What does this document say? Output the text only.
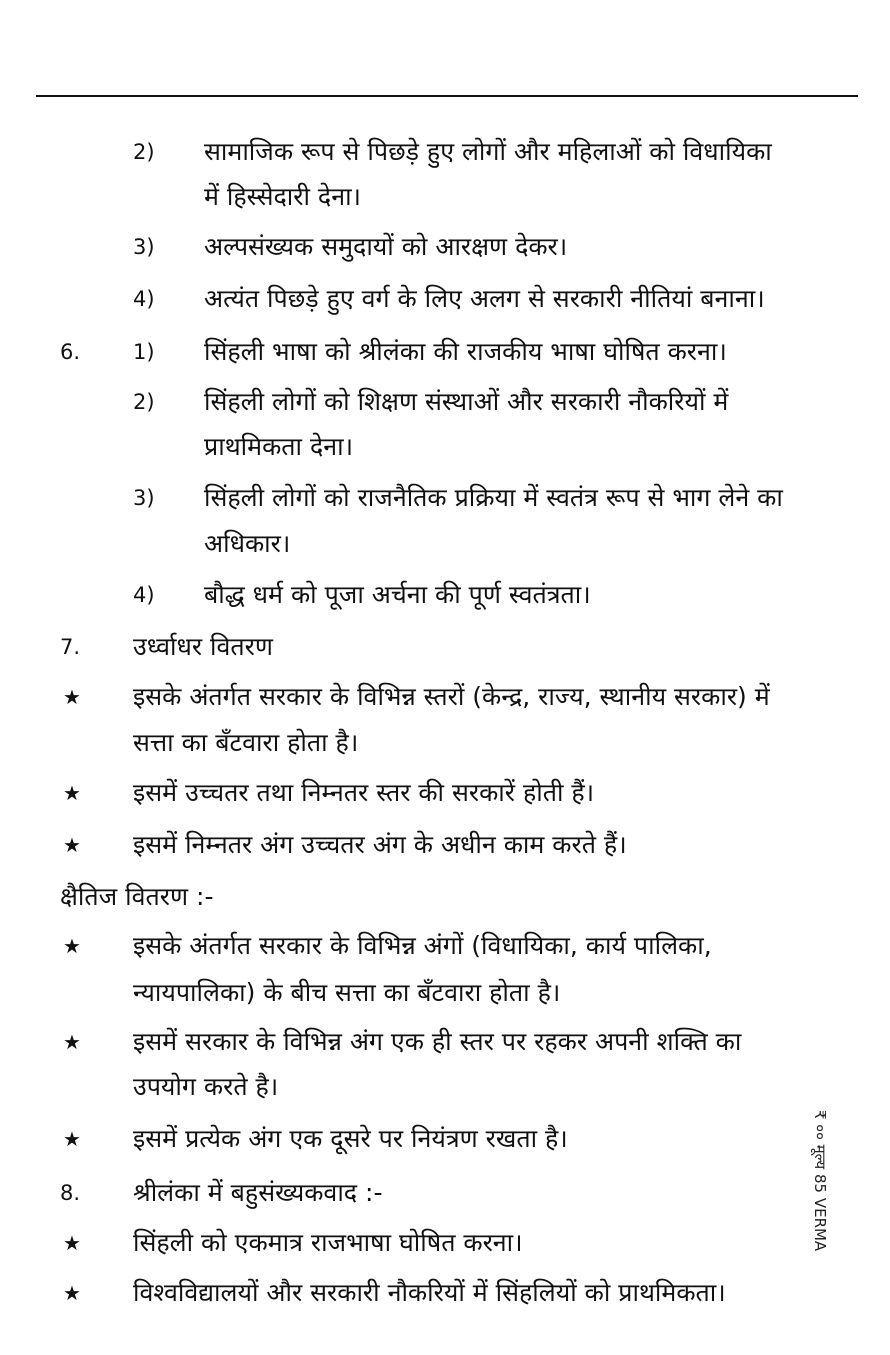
2) सामाजिक रूप से पिछड़े हुए लोगों और महिलाओं को विधायिका
में हिस्सेदारी देना।
3) अल्पसंख्यक समुदायों को आरक्षण देकर।
4) अत्यंत पिछड़े हुए वर्ग के लिए अलग से सरकारी नीतियां बनाना।
6.	1) सिंहली भाषा को श्रीलंका की राजकीय भाषा घोषित करना।
2) सिंहली लोगों को शिक्षण संस्थाओं और सरकारी नौकरियों में
प्राथमिकता देना।
3) सिंहली लोगों को राजनैतिक प्रक्रिया में स्वतंत्र रूप से भाग लेने का
अधिकार।
4) बौद्ध धर्म को पूजा अर्चना की पूर्ण स्वतंत्रता।
7. उर्ध्वाधर वितरण
★ इसके अंतर्गत सरकार के विभिन्न स्तरों (केन्द्र, राज्य, स्थानीय सरकार) में
सत्ता का बँटवारा होता है।
★ इसमें उच्चतर तथा निम्नतर स्तर की सरकारें होती हैं।
★ इसमें निम्नतर अंग उच्चतर अंग के अधीन काम करते हैं।
क्षैतिज वितरण :-
★ इसके अंतर्गत सरकार के विभिन्न अंगों (विधायिका, कार्य पालिका,
न्यायपालिका) के बीच सत्ता का बँटवारा होता है।
★ इसमें सरकार के विभिन्न अंग एक ही स्तर पर रहकर अपनी शक्ति का
उपयोग करते है।
★ इसमें प्रत्येक अंग एक दूसरे पर नियंत्रण रखता है।
8. श्रीलंका में बहुसंख्यकवाद :-
★ सिंहली को एकमात्र राजभाषा घोषित करना।
★ विश्वविद्यालयों और सरकारी नौकरियों में सिंहलियों को प्राथमिकता।
₹ ०० मूल्य 85 VERMA
